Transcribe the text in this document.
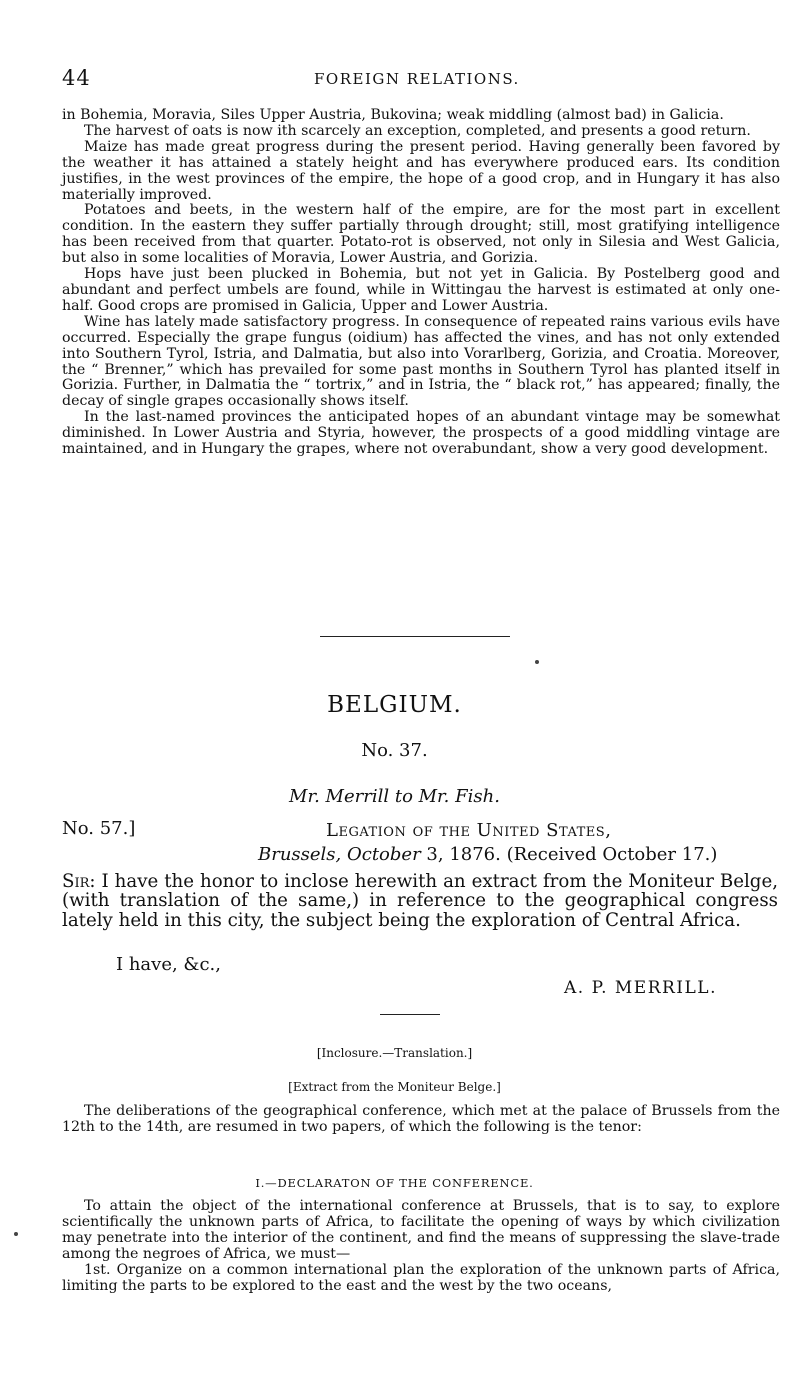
44	FOREIGN RELATIONS.

in Bohemia, Moravia, Siles Upper Austria, Bukovina; weak middling (almost bad) in Galicia.

The harvest of oats is now ith scarcely an exception, completed, and presents a good return.

Maize has made great progress during the present period. Having generally been favored by the weather it has attained a stately height and has everywhere produced ears. Its condition justifies, in the west provinces of the empire, the hope of a good crop, and in Hungary it has also materially improved.

Potatoes and beets, in the western half of the empire, are for the most part in excellent condition. In the eastern they suffer partially through drought; still, most gratifying intelligence has been received from that quarter. Potato-rot is observed, not only in Silesia and West Galicia, but also in some localities of Moravia, Lower Austria, and Gorizia.

Hops have just been plucked in Bohemia, but not yet in Galicia. By Postelberg good and abundant and perfect umbels are found, while in Wittingau the harvest is estimated at only one-half. Good crops are promised in Galicia, Upper and Lower Austria.

Wine has lately made satisfactory progress. In consequence of repeated rains various evils have occurred. Especially the grape fungus (oidium) has affected the vines, and has not only extended into Southern Tyrol, Istria, and Dalmatia, but also into Vorarlberg, Gorizia, and Croatia. Moreover, the “ Brenner,” which has prevailed for some past months in Southern Tyrol has planted itself in Gorizia. Further, in Dalmatia the “ tortrix,” and in Istria, the “ black rot,” has appeared; finally, the decay of single grapes occasionally shows itself.

In the last-named provinces the anticipated hopes of an abundant vintage may be somewhat diminished. In Lower Austria and Styria, however, the prospects of a good middling vintage are maintained, and in Hungary the grapes, where not overabundant, show a very good development.

BELGIUM.
No. 37.
Mr. Merrill to Mr. Fish.
No. 57.]	Legation of the United States,
Brussels, October 3, 1876. (Received October 17.)
Sir: I have the honor to inclose herewith an extract from the Moniteur Belge, (with translation of the same,) in reference to the geographical congress lately held in this city, the subject being the exploration of Central Africa.
I have, &c.,
A. P. MERRILL.
[Inclosure.—Translation.]
[Extract from the Moniteur Belge.]

The deliberations of the geographical conference, which met at the palace of Brussels from the 12th to the 14th, are resumed in two papers, of which the following is the tenor:

I.—DECLARATON OF THE CONFERENCE.

To attain the object of the international conference at Brussels, that is to say, to explore scientifically the unknown parts of Africa, to facilitate the opening of ways by which civilization may penetrate into the interior of the continent, and find the means of suppressing the slave-trade among the negroes of Africa, we must—

1st. Organize on a common international plan the exploration of the unknown parts of Africa, limiting the parts to be explored to the east and the west by the two oceans,
